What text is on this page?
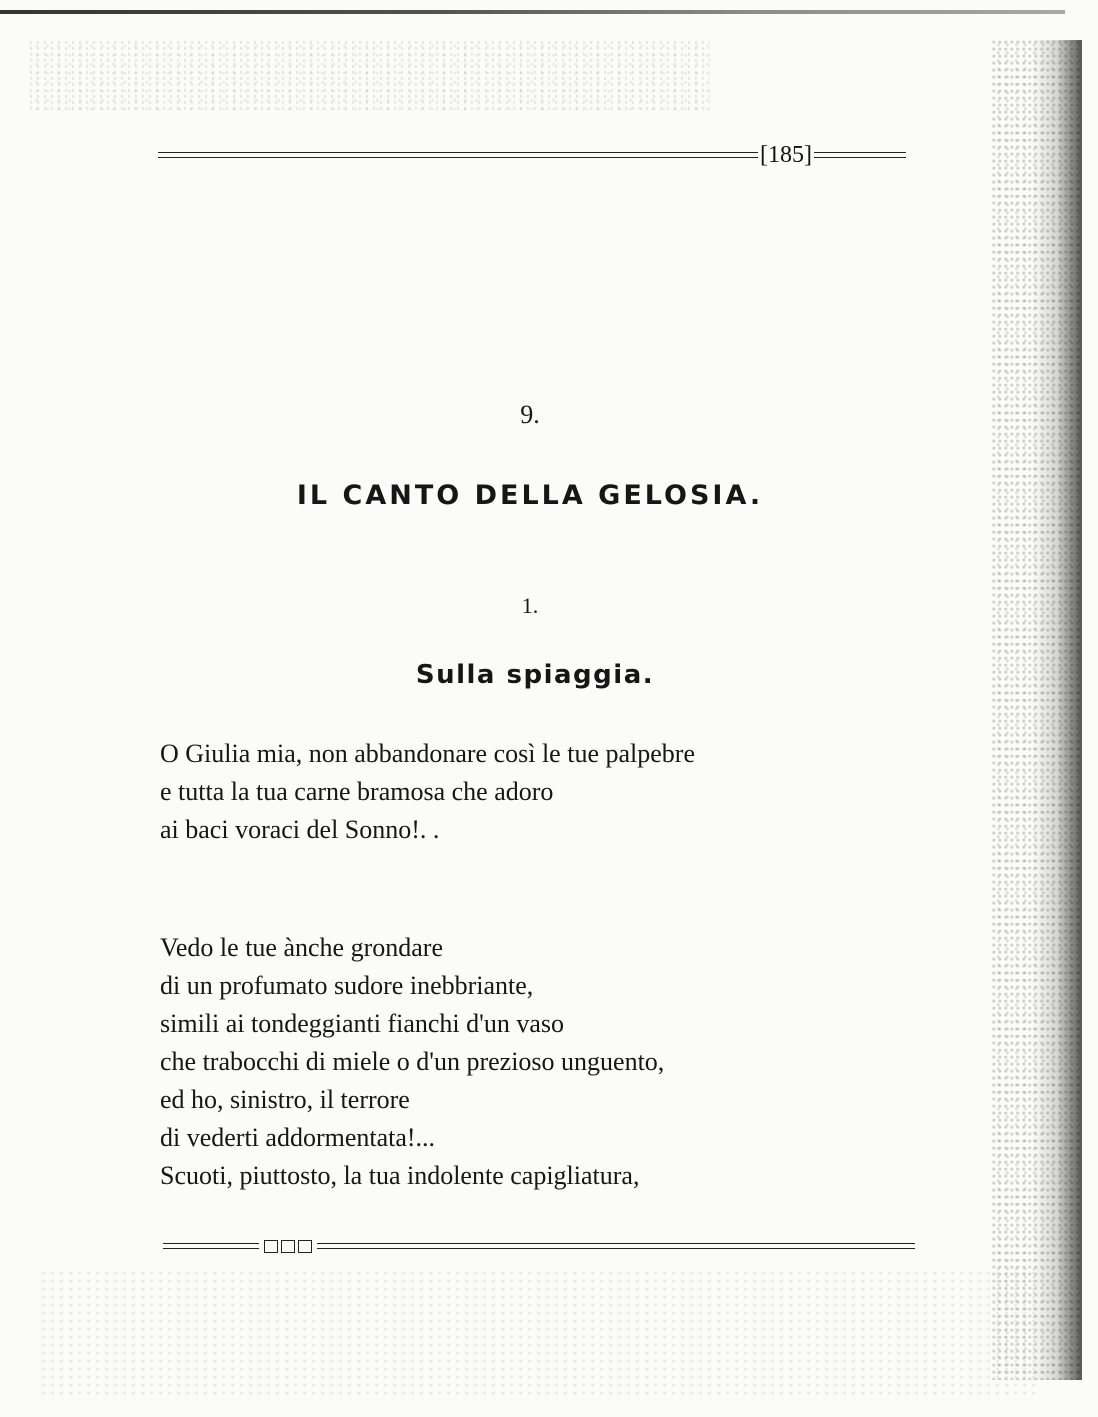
[185]
9.
IL CANTO DELLA GELOSIA.
1.
Sulla spiaggia.
O Giulia mia, non abbandonare così le tue palpebre
e tutta la tua carne bramosa che adoro
ai baci voraci del Sonno!. .
Vedo le tue ànche grondare
di un profumato sudore inebbriante,
simili ai tondeggianti fianchi d'un vaso
che trabocchi di miele o d'un prezioso unguento,
ed ho, sinistro, il terrore
di vederti addormentata!...
Scuoti, piuttosto, la tua indolente capigliatura,
